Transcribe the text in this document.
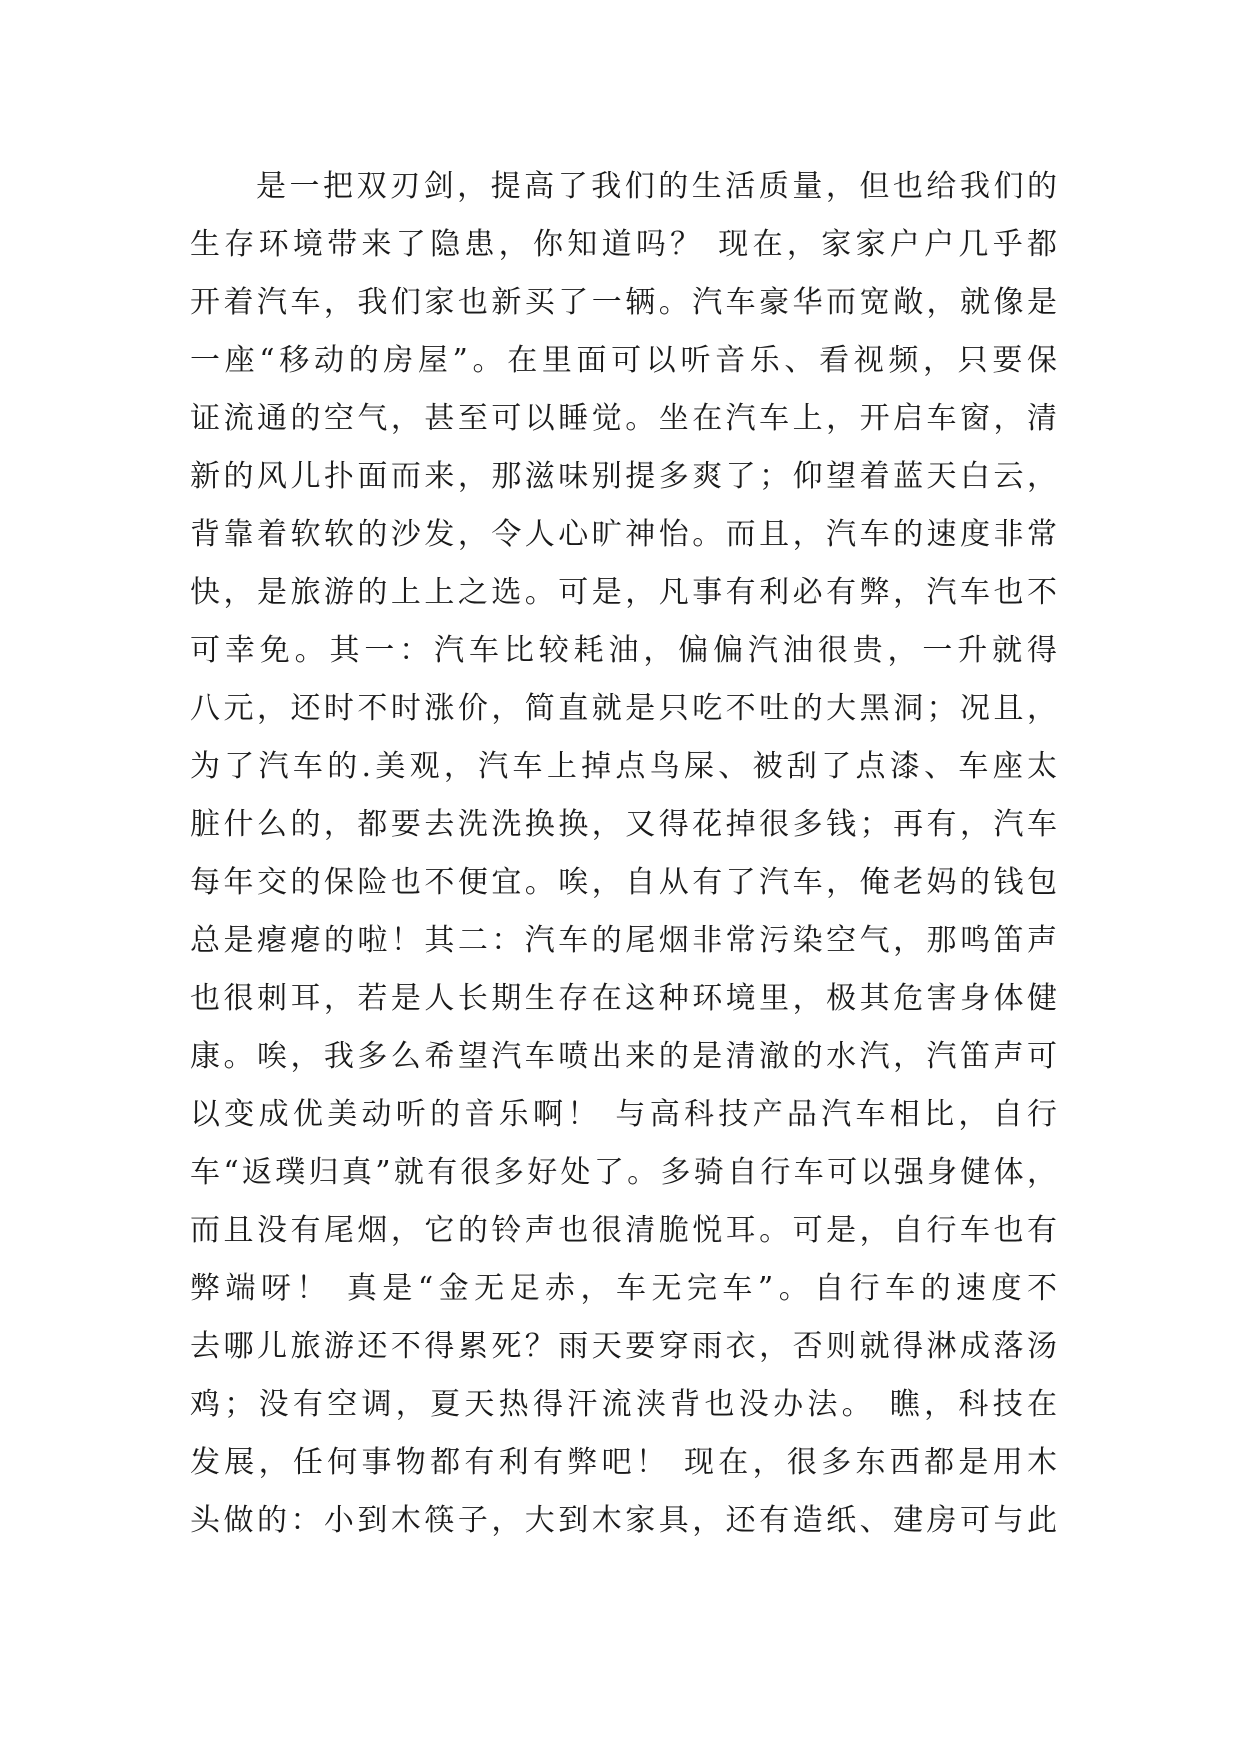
是一把双刃剑，提高了我们的生活质量，但也给我们的
生存环境带来了隐患，你知道吗？ 现在，家家户户几乎都
开着汽车，我们家也新买了一辆。汽车豪华而宽敞，就像是
一座“移动的房屋”。在里面可以听音乐、看视频，只要保
证流通的空气，甚至可以睡觉。坐在汽车上，开启车窗，清
新的风儿扑面而来，那滋味别提多爽了；仰望着蓝天白云，
背靠着软软的沙发，令人心旷神怡。而且，汽车的速度非常
快，是旅游的上上之选。可是，凡事有利必有弊，汽车也不
可幸免。其一：汽车比较耗油，偏偏汽油很贵，一升就得
八元，还时不时涨价，简直就是只吃不吐的大黑洞；况且，
为了汽车的.美观，汽车上掉点鸟屎、被刮了点漆、车座太
脏什么的，都要去洗洗换换，又得花掉很多钱；再有，汽车
每年交的保险也不便宜。唉，自从有了汽车，俺老妈的钱包
总是瘪瘪的啦！其二：汽车的尾烟非常污染空气，那鸣笛声
也很刺耳，若是人长期生存在这种环境里，极其危害身体健
康。唉，我多么希望汽车喷出来的是清澈的水汽，汽笛声可
以变成优美动听的音乐啊！ 与高科技产品汽车相比，自行
车“返璞归真”就有很多好处了。多骑自行车可以强身健体，
而且没有尾烟，它的铃声也很清脆悦耳。可是，自行车也有
弊端呀！ 真是“金无足赤，车无完车”。自行车的速度不
去哪儿旅游还不得累死？雨天要穿雨衣，否则就得淋成落汤
鸡；没有空调，夏天热得汗流浃背也没办法。 瞧，科技在
发展，任何事物都有利有弊吧！ 现在，很多东西都是用木
头做的：小到木筷子，大到木家具，还有造纸、建房可与此
